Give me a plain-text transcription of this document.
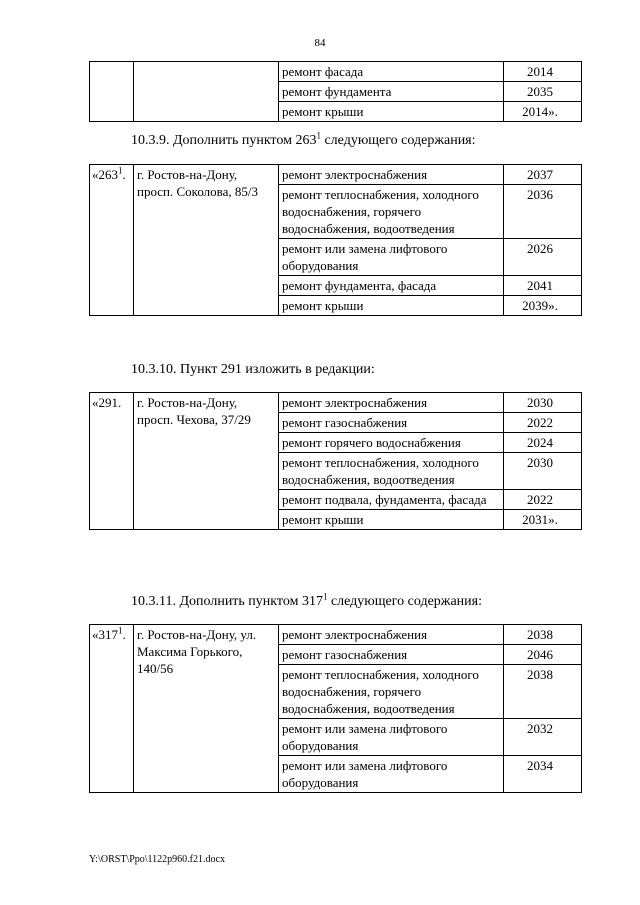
84
		ремонт фасада	2014
		ремонт фундамента	2035
		ремонт крыши	2014».
10.3.9. Дополнить пунктом $263^1$ следующего содержания:
«$263^1$.	г. Ростов-на-Дону, просп. Соколова, 85/3	ремонт электроснабжения	2037
		ремонт теплоснабжения, холодного водоснабжения, горячего водоснабжения, водоотведения	2036
		ремонт или замена лифтового оборудования	2026
		ремонт фундамента, фасада	2041
		ремонт крыши	2039».
10.3.10. Пункт 291 изложить в редакции:
«291.	г. Ростов-на-Дону, просп. Чехова, 37/29	ремонт электроснабжения	2030
		ремонт газоснабжения	2022
		ремонт горячего водоснабжения	2024
		ремонт теплоснабжения, холодного водоснабжения, водоотведения	2030
		ремонт подвала, фундамента, фасада	2022
		ремонт крыши	2031».
10.3.11. Дополнить пунктом $317^1$ следующего содержания:
«$317^1$.	г. Ростов-на-Дону, ул. Максима Горького, 140/56	ремонт электроснабжения	2038
		ремонт газоснабжения	2046
		ремонт теплоснабжения, холодного водоснабжения, горячего водоснабжения, водоотведения	2038
		ремонт или замена лифтового оборудования	2032
		ремонт или замена лифтового оборудования	2034
Y:\ORST\Ppo\1122p960.f21.docx
